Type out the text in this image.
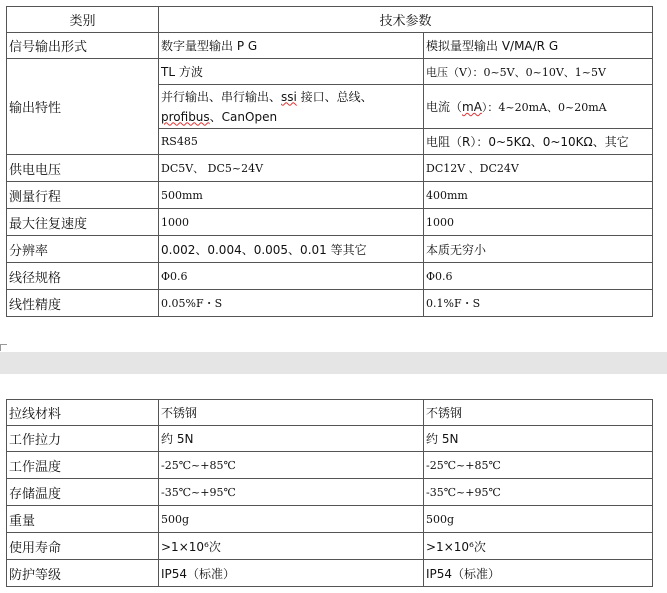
类别	技术参数	
信号输出形式	数字量型输出 P G	模拟量型输出 V/MA/R G
输出特性	TL 方波	电压（V）：0~5V、0~10V、1~5V
	并行输出、串行输出、ssi 接口、总线、
profibus、CanOpen	电流（mA）：4~20mA、0~20mA
	RS485	电阻（R）：0~5KΩ、0~10KΩ、其它
供电电压	DC5V、 DC5~24V	DC12V 、DC24V
测量行程	500mm	400mm
最大往复速度	1000	1000
分辨率	0.002、0.004、0.005、0.01 等其它	本质无穷小
线径规格	Φ0.6	Φ0.6
线性精度	0.05%F・S	0.1%F・S
拉线材料	不锈钢	不锈钢
工作拉力	约 5N	约 5N
工作温度	-25℃~+85℃	-25℃~+85℃
存储温度	-35℃~+95℃	-35℃~+95℃
重量	500g	500g
使用寿命	>1×10⁶次	>1×10⁶次
防护等级	IP54（标准）	IP54（标准）
